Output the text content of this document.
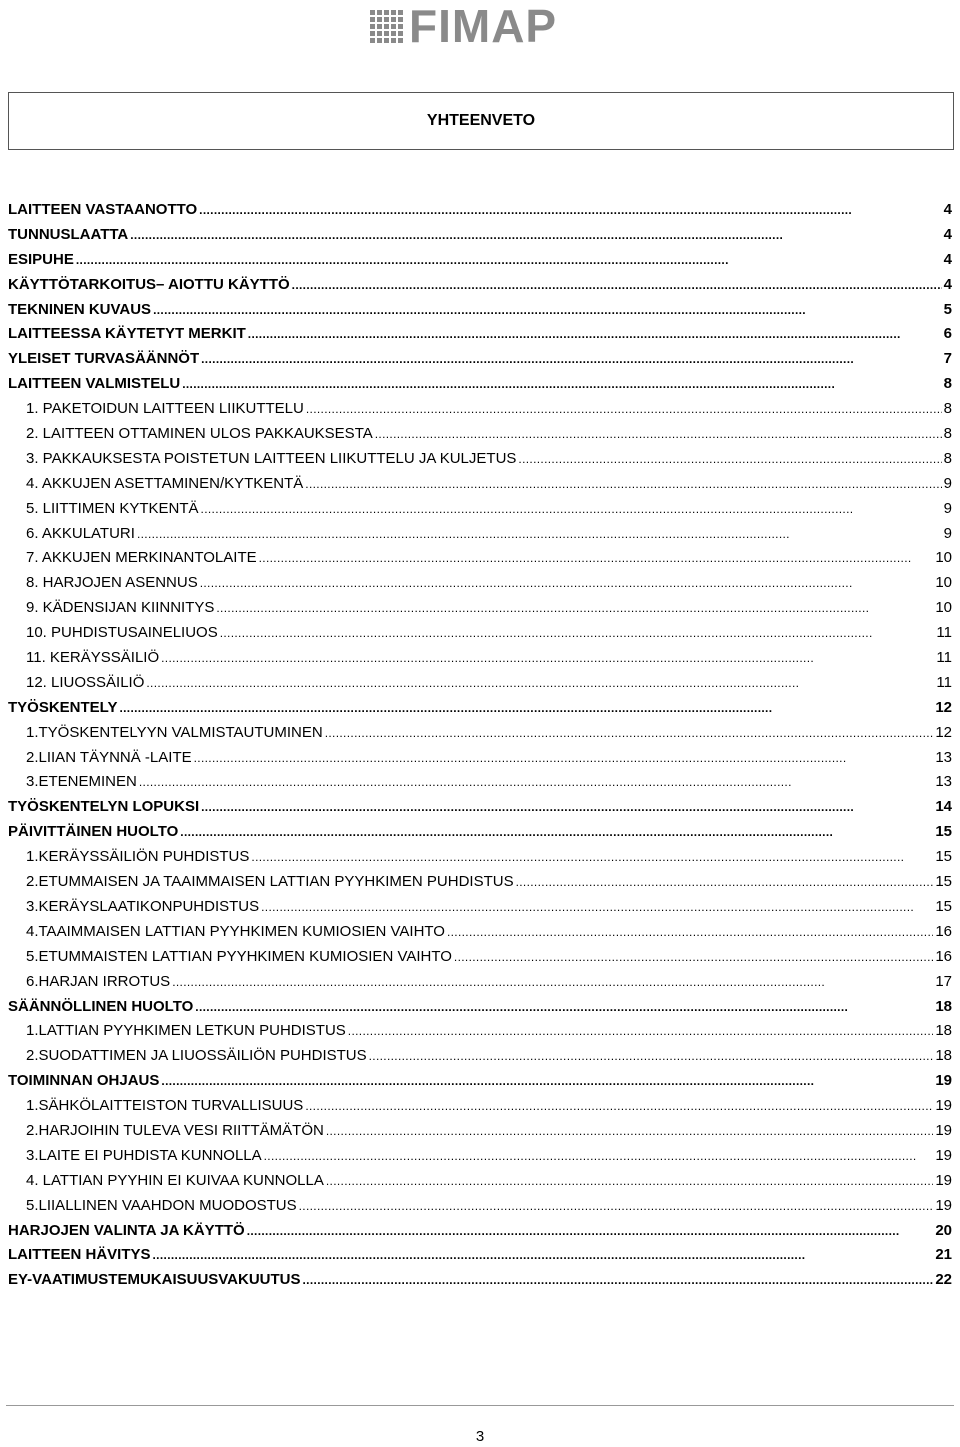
FIMAP
YHTEENVETO
LAITTEEN VASTAANOTTO . . .	4
TUNNUSLAATTA . . .	4
ESIPUHE . . .	4
KÄYTTÖTARKOITUS– AIOTTU KÄYTTÖ . . .	4
TEKNINEN KUVAUS . . .	5
LAITTEESSA KÄYTETYT MERKIT . . .	6
YLEISET TURVASÄÄNNÖT . . .	7
LAITTEEN VALMISTELU . . .	8
1. PAKETOIDUN LAITTEEN LIIKUTTELU . . .	8
2. LAITTEEN OTTAMINEN ULOS PAKKAUKSESTA . . .	8
3. PAKKAUKSESTA POISTETUN LAITTEEN LIIKUTTELU JA KULJETUS . . .	8
4. AKKUJEN ASETTAMINEN/KYTKENTÄ . . .	9
5. LIITTIMEN KYTKENTÄ . . .	9
6. AKKULATURI . . .	9
7. AKKUJEN MERKINANTOLAITE . . .	10
8. HARJOJEN ASENNUS . . .	10
9. KÄDENSIJAN KIINNITYS . . .	10
10. PUHDISTUSAINELIUOS . . .	11
11. KERÄYSSÄILIÖ . . .	11
12. LIUOSSÄILIÖ . . .	11
TYÖSKENTELY . . .	12
1.TYÖSKENTELYYN VALMISTAUTUMINEN . . .	12
2.LIIAN TÄYNNÄ -LAITE . . .	13
3.ETENEMINEN . . .	13
TYÖSKENTELYN LOPUKSI . . .	14
PÄIVITTÄINEN HUOLTO . . .	15
1.KERÄYSSÄILIÖN PUHDISTUS . . .	15
2.ETUMMAISEN JA TAAIMMAISEN LATTIAN PYYHKIMEN PUHDISTUS . . .	15
3.KERÄYSLAATIKONPUHDISTUS . . .	15
4.TAAIMMAISEN LATTIAN PYYHKIMEN KUMIOSIEN VAIHTO . . .	16
5.ETUMMAISTEN LATTIAN PYYHKIMEN KUMIOSIEN VAIHTO . . .	16
6.HARJAN IRROTUS . . .	17
SÄÄNNÖLLINEN HUOLTO . . .	18
1.LATTIAN PYYHKIMEN LETKUN PUHDISTUS . . .	18
2.SUODATTIMEN JA LIUOSSÄILIÖN PUHDISTUS . . .	18
TOIMINNAN OHJAUS . . .	19
1.SÄHKÖLAITTEISTON TURVALLISUUS . . .	19
2.HARJOIHIN TULEVA VESI RIITTÄMÄTÖN . . .	19
3.LAITE EI PUHDISTA KUNNOLLA . . .	19
4. LATTIAN PYYHIN EI KUIVAA KUNNOLLA . . .	19
5.LIIALLINEN VAAHDON MUODOSTUS . . .	19
HARJOJEN VALINTA JA KÄYTTÖ . . .	20
LAITTEEN HÄVITYS . . .	21
EY-VAATIMUSTEMUKAISUUSVAKUUTUS . . .	22
3
